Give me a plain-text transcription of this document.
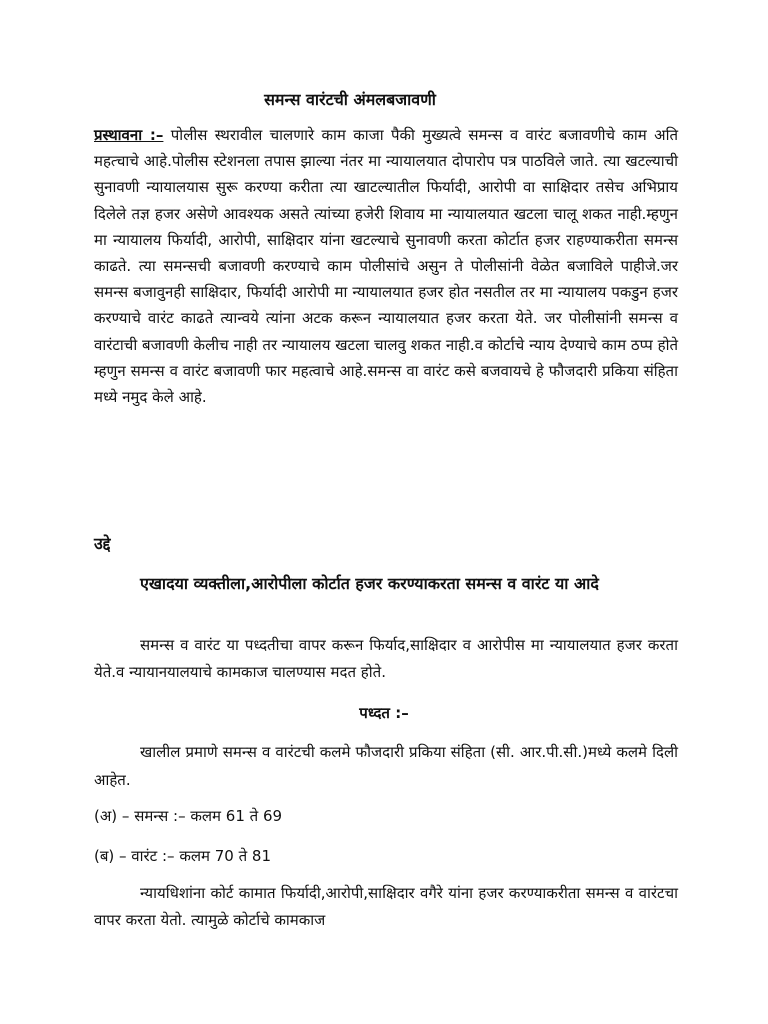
समन्स वारंटची अंमलबजावणी

प्रस्थावना :– पोलीस स्थरावील चालणारे काम काजा पैकी मुख्यत्वे समन्स व वारंट बजावणीचे काम अति महत्चाचे आहे.पोलीस स्टेशनला तपास झाल्या नंतर मा न्यायालयात दोपारोप पत्र पाठविले जाते. त्या खटल्याची सुनावणी न्यायालयास सुरू करण्या करीता त्या खाटल्यातील फिर्यादी, आरोपी वा साक्षिदार तसेच अभिप्राय दिलेले तज्ञ हजर असेणे आवश्यक असते त्यांच्या हजेरी शिवाय मा न्यायालयात खटला चालू शकत नाही.म्हणुन मा न्यायालय फिर्यादी, आरोपी, साक्षिदार यांना खटल्याचे सुनावणी करता कोर्टात हजर राहण्याकरीता समन्स काढते. त्या समन्सची बजावणी करण्याचे काम पोलीसांचे असुन ते पोलीसांनी वेळेत बजाविले पाहीजे.जर समन्स बजावुनही साक्षिदार, फिर्यादी आरोपी मा न्यायालयात हजर होत नसतील तर मा न्यायालय पकडुन हजर करण्याचे वारंट काढते त्यान्वये त्यांना अटक करून न्यायालयात हजर करता येते. जर पोलीसांनी समन्स व वारंटाची बजावणी केलीच नाही तर न्यायालय खटला चालवु शकत नाही.व कोर्टाचे न्याय देण्याचे काम ठप्प होते म्हणुन समन्स व वारंट बजावणी फार महत्वाचे आहे.समन्स वा वारंट कसे बजवायचे हे फौजदारी प्रकिया संहिता मध्ये नमुद केले आहे.

उद्दे

एखादया व्यक्तीला,आरोपीला कोर्टात हजर करण्याकरता समन्स व वारंट या आदे

समन्स व वारंट या पध्दतीचा वापर करून फिर्याद,साक्षिदार व आरोपीस मा न्यायालयात हजर करता येते.व न्यायानयालयाचे कामकाज चालण्यास मदत होते.

पध्दत :–

खालील प्रमाणे समन्स व वारंटची कलमे फौजदारी प्रकिया संहिता (सी. आर.पी.सी.)मध्ये कलमे दिली आहेत.

(अ) – समन्स :– कलम 61 ते 69

(ब) – वारंट :– कलम 70 ते 81

न्यायधिशांना कोर्ट कामात फिर्यादी,आरोपी,साक्षिदार वगैरे यांना हजर करण्याकरीता समन्स व वारंटचा वापर करता येतो. त्यामुळे कोर्टाचे कामकाज
